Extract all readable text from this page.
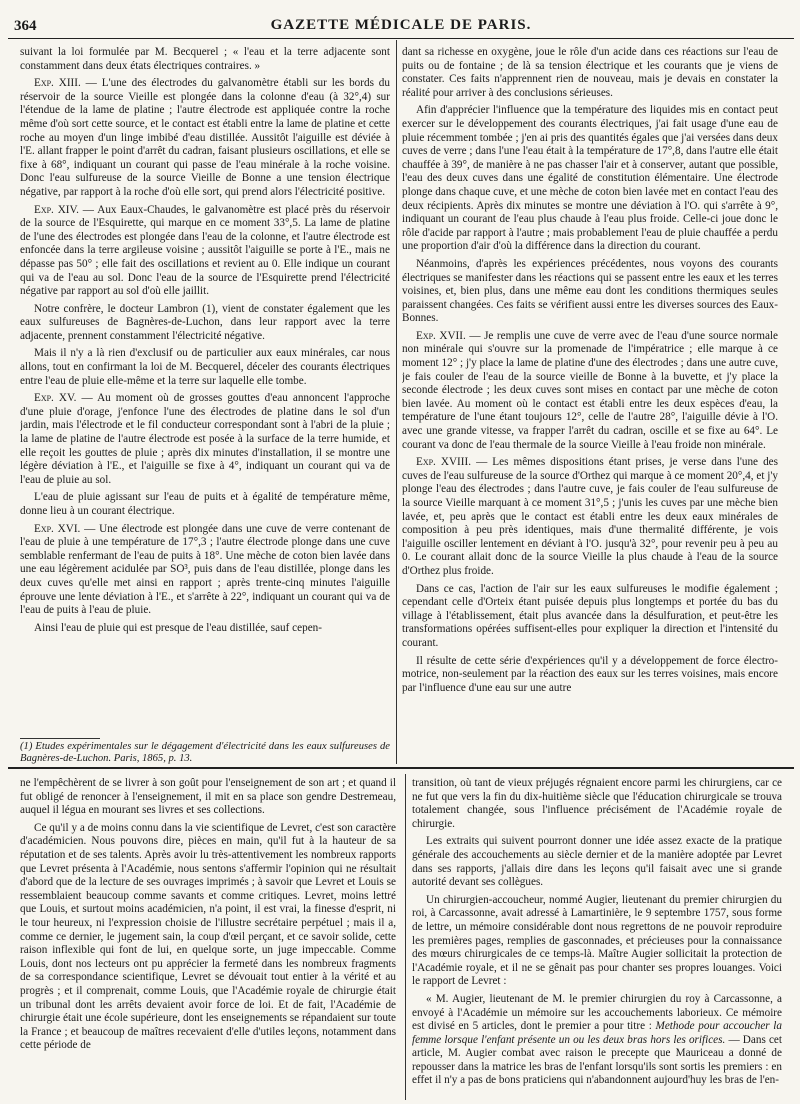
364	GAZETTE MÉDICALE DE PARIS.

suivant la loi formulée par M. Becquerel ; « l'eau et la terre adjacente sont constamment dans deux états électriques contraires. »

Exp. XIII. — L'une des électrodes du galvanomètre établi sur les bords du réservoir de la source Vieille est plongée dans la colonne d'eau (à 32°,4) sur l'étendue de la lame de platine ; l'autre électrode est appliquée contre la roche même d'où sort cette source, et le contact est établi entre la lame de platine et cette roche au moyen d'un linge imbibé d'eau distillée. Aussitôt l'aiguille est déviée à l'E. allant frapper le point d'arrêt du cadran, faisant plusieurs oscillations, et elle se fixe à 68°, indiquant un courant qui passe de l'eau minérale à la roche voisine. Donc l'eau sulfureuse de la source Vieille de Bonne a une tension électrique négative, par rapport à la roche d'où elle sort, qui prend alors l'électricité positive.

Exp. XIV. — Aux Eaux-Chaudes, le galvanomètre est placé près du réservoir de la source de l'Esquirette, qui marque en ce moment 33°,5. La lame de platine de l'une des électrodes est plongée dans l'eau de la colonne, et l'autre électrode est enfoncée dans la terre argileuse voisine ; aussitôt l'aiguille se porte à l'E., mais ne dépasse pas 50° ; elle fait des oscillations et revient au 0. Elle indique un courant qui va de l'eau au sol. Donc l'eau de la source de l'Esquirette prend l'électricité négative par rapport au sol d'où elle jaillit.

Notre confrère, le docteur Lambron (1), vient de constater également que les eaux sulfureuses de Bagnères-de-Luchon, dans leur rapport avec la terre adjacente, prennent constamment l'électricité négative.

Mais il n'y a là rien d'exclusif ou de particulier aux eaux minérales, car nous allons, tout en confirmant la loi de M. Becquerel, déceler des courants électriques entre l'eau de pluie elle-même et la terre sur laquelle elle tombe.

Exp. XV. — Au moment où de grosses gouttes d'eau annoncent l'approche d'une pluie d'orage, j'enfonce l'une des électrodes de platine dans le sol d'un jardin, mais l'électrode et le fil conducteur correspondant sont à l'abri de la pluie ; la lame de platine de l'autre électrode est posée à la surface de la terre humide, et elle reçoit les gouttes de pluie ; après dix minutes d'installation, il se montre une légère déviation à l'E., et l'aiguille se fixe à 4°, indiquant un courant qui va de l'eau de pluie au sol.

L'eau de pluie agissant sur l'eau de puits et à égalité de température même, donne lieu à un courant électrique.

Exp. XVI. — Une électrode est plongée dans une cuve de verre contenant de l'eau de pluie à une température de 17°,3 ; l'autre électrode plonge dans une cuve semblable renfermant de l'eau de puits à 18°. Une mèche de coton bien lavée dans une eau légèrement acidulée par SO³, puis dans de l'eau distillée, plonge dans les deux cuves qu'elle met ainsi en rapport ; après trente-cinq minutes l'aiguille éprouve une lente déviation à l'E., et s'arrête à 22°, indiquant un courant qui va de l'eau de puits à l'eau de pluie.

Ainsi l'eau de pluie qui est presque de l'eau distillée, sauf cepen-

(1) Etudes expérimentales sur le dégagement d'électricité dans les eaux sulfureuses de Bagnères-de-Luchon. Paris, 1865, p. 13.

dant sa richesse en oxygène, joue le rôle d'un acide dans ces réactions sur l'eau de puits ou de fontaine ; de là sa tension électrique et les courants que je viens de constater. Ces faits n'apprennent rien de nouveau, mais je devais en constater la réalité pour arriver à des conclusions sérieuses.

Afin d'apprécier l'influence que la température des liquides mis en contact peut exercer sur le développement des courants électriques, j'ai fait usage d'une eau de pluie récemment tombée ; j'en ai pris des quantités égales que j'ai versées dans deux cuves de verre ; dans l'une l'eau était à la température de 17°,8, dans l'autre elle était chauffée à 39°, de manière à ne pas chasser l'air et à conserver, autant que possible, l'eau des deux cuves dans une égalité de constitution élémentaire. Une électrode plonge dans chaque cuve, et une mèche de coton bien lavée met en contact l'eau des deux récipients. Après dix minutes se montre une déviation à l'O. qui s'arrête à 9°, indiquant un courant de l'eau plus chaude à l'eau plus froide. Celle-ci joue donc le rôle d'acide par rapport à l'autre ; mais probablement l'eau de pluie chauffée a perdu une proportion d'air d'où la différence dans la direction du courant.

Néanmoins, d'après les expériences précédentes, nous voyons des courants électriques se manifester dans les réactions qui se passent entre les eaux et les terres voisines, et, bien plus, dans une même eau dont les conditions thermiques seules paraissent changées. Ces faits se vérifient aussi entre les diverses sources des Eaux-Bonnes.

Exp. XVII. — Je remplis une cuve de verre avec de l'eau d'une source normale non minérale qui s'ouvre sur la promenade de l'impératrice ; elle marque à ce moment 12° ; j'y place la lame de platine d'une des électrodes ; dans une autre cuve, je fais couler de l'eau de la source vieille de Bonne à la buvette, et j'y place la seconde électrode ; les deux cuves sont mises en contact par une mèche de coton bien lavée. Au moment où le contact est établi entre les deux espèces d'eau, la température de l'une étant toujours 12°, celle de l'autre 28°, l'aiguille dévie à l'O. avec une grande vitesse, va frapper l'arrêt du cadran, oscille et se fixe au 64°. Le courant va donc de l'eau thermale de la source Vieille à l'eau froide non minérale.

Exp. XVIII. — Les mêmes dispositions étant prises, je verse dans l'une des cuves de l'eau sulfureuse de la source d'Orthez qui marque à ce moment 20°,4, et j'y plonge l'eau des électrodes ; dans l'autre cuve, je fais couler de l'eau sulfureuse de la source Vieille marquant à ce moment 31°,5 ; j'unis les cuves par une mèche bien lavée, et, peu après que le contact est établi entre les deux eaux minérales de composition à peu près identiques, mais d'une thermalité différente, je vois l'aiguille osciller lentement en déviant à l'O. jusqu'à 32°, pour revenir peu à peu au 0. Le courant allait donc de la source Vieille la plus chaude à l'eau de la source d'Orthez plus froide.

Dans ce cas, l'action de l'air sur les eaux sulfureuses le modifie également ; cependant celle d'Orteix étant puisée depuis plus longtemps et portée du bas du village à l'établissement, était plus avancée dans la désulfuration, et peut-être les transformations opérées suffisent-elles pour expliquer la direction et l'intensité du courant.

Il résulte de cette série d'expériences qu'il y a développement de force électro-motrice, non-seulement par la réaction des eaux sur les terres voisines, mais encore par l'influence d'une eau sur une autre

ne l'empêchèrent de se livrer à son goût pour l'enseignement de son art ; et quand il fut obligé de renoncer à l'enseignement, il mit en sa place son gendre Destremeau, auquel il légua en mourant ses livres et ses collections.

Ce qu'il y a de moins connu dans la vie scientifique de Levret, c'est son caractère d'académicien. Nous pouvons dire, pièces en main, qu'il fut à la hauteur de sa réputation et de ses talents. Après avoir lu très-attentivement les nombreux rapports que Levret présenta à l'Académie, nous sentons s'affermir l'opinion qui ne résultait d'abord que de la lecture de ses ouvrages imprimés ; à savoir que Levret et Louis se ressemblaient beaucoup comme savants et comme critiques. Levret, moins lettré que Louis, et surtout moins académicien, n'a point, il est vrai, la finesse d'esprit, ni le tour heureux, ni l'expression choisie de l'illustre secrétaire perpétuel ; mais il a, comme ce dernier, le jugement sain, la coup d'œil perçant, et ce savoir solide, cette raison inflexible qui font de lui, en quelque sorte, un juge impeccable. Comme Louis, dont nos lecteurs ont pu apprécier la fermeté dans les nombreux fragments de sa correspondance scientifique, Levret se dévouait tout entier à la vérité et au progrès ; et il comprenait, comme Louis, que l'Académie royale de chirurgie était un tribunal dont les arrêts devaient avoir force de loi. Et de fait, l'Académie de chirurgie était une école supérieure, dont les enseignements se répandaient sur toute la France ; et beaucoup de maîtres recevaient d'elle d'utiles leçons, notamment dans cette période de

transition, où tant de vieux préjugés régnaient encore parmi les chirurgiens, car ce ne fut que vers la fin du dix-huitième siècle que l'éducation chirurgicale se trouva totalement changée, sous l'influence précisément de l'Académie royale de chirurgie.

Les extraits qui suivent pourront donner une idée assez exacte de la pratique générale des accouchements au siècle dernier et de la manière adoptée par Levret dans ses rapports, j'allais dire dans les leçons qu'il faisait avec une si grande autorité devant ses collègues.

Un chirurgien-accoucheur, nommé Augier, lieutenant du premier chirurgien du roi, à Carcassonne, avait adressé à Lamartinière, le 9 septembre 1757, sous forme de lettre, un mémoire considérable dont nous regrettons de ne pouvoir reproduire les premières pages, remplies de gasconnades, et précieuses pour la connaissance des mœurs chirurgicales de ce temps-là. Maître Augier sollicitait la protection de l'Académie royale, et il ne se gênait pas pour chanter ses propres louanges. Voici le rapport de Levret :

« M. Augier, lieutenant de M. le premier chirurgien du roy à Carcassonne, a envoyé à l'Académie un mémoire sur les accouchements laborieux. Ce mémoire est divisé en 5 articles, dont le premier a pour titre : Methode pour accoucher la femme lorsque l'enfant présente un ou les deux bras hors les orifices. — Dans cet article, M. Augier combat avec raison le precepte que Mauriceau a donné de repousser dans la matrice les bras de l'enfant lorsqu'ils sont sortis les premiers : en effet il n'y a pas de bons praticiens qui n'abandonnent aujourd'huy les bras de l'en-
